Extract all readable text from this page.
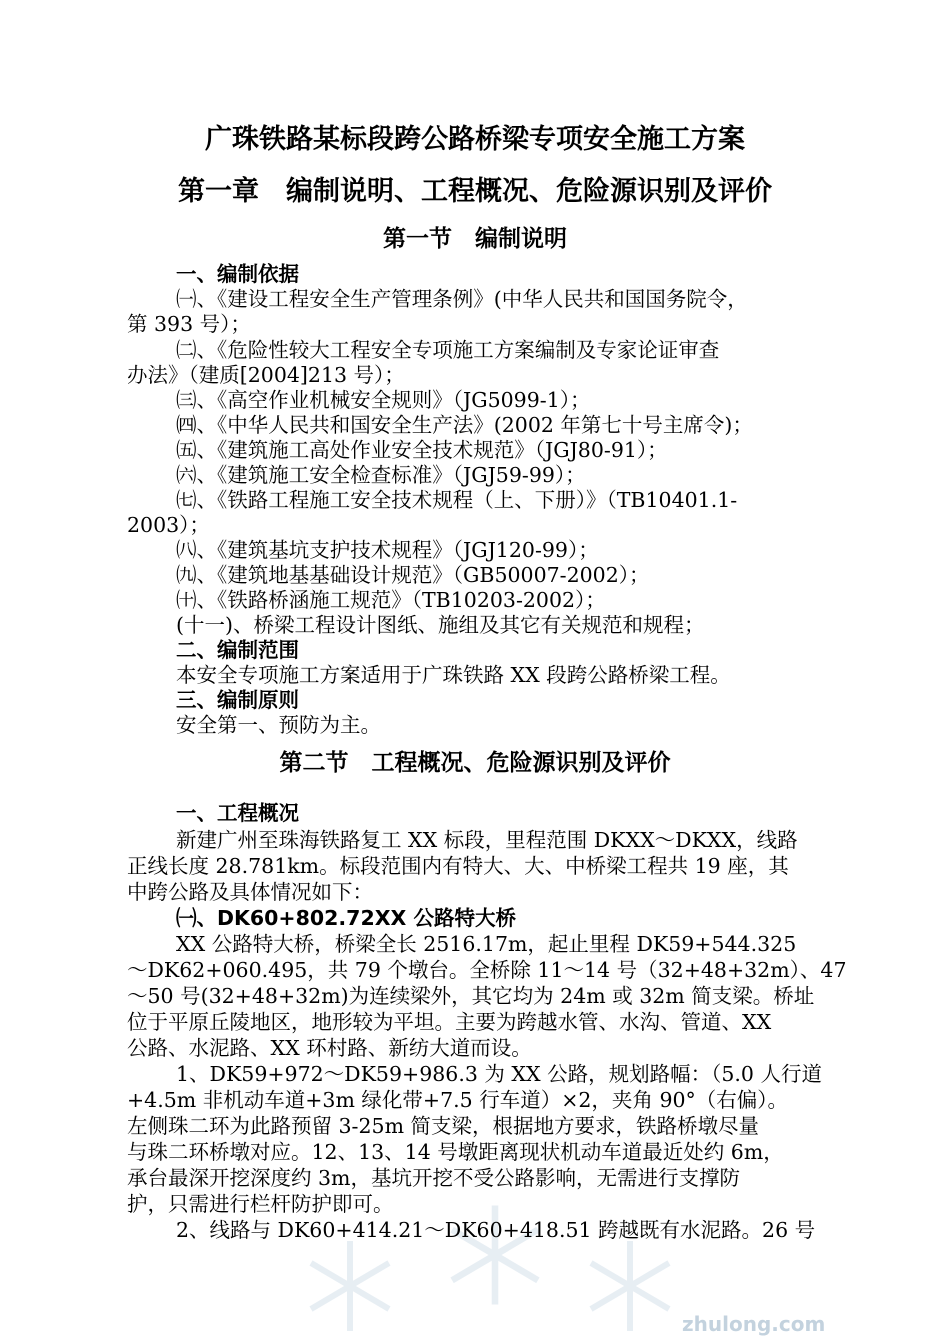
zhulong.com
广珠铁路某标段跨公路桥梁专项安全施工方案
第一章　编制说明、工程概况、危险源识别及评价
第一节　编制说明
一、编制依据
㈠、《建设工程安全生产管理条例》(中华人民共和国国务院令，
第 393 号）；
㈡、《危险性较大工程安全专项施工方案编制及专家论证审查
办法》（建质[2004]213 号）；
㈢、《高空作业机械安全规则》（JG5099-1）；
㈣、《中华人民共和国安全生产法》(2002 年第七十号主席令)；
㈤、《建筑施工高处作业安全技术规范》（JGJ80-91）；
㈥、《建筑施工安全检查标准》（JGJ59-99）；
㈦、《铁路工程施工安全技术规程（上、下册）》（TB10401.1-
2003）；
㈧、《建筑基坑支护技术规程》（JGJ120-99）；
㈨、《建筑地基基础设计规范》（GB50007-2002）；
㈩、《铁路桥涵施工规范》（TB10203-2002）；
(十一)、桥梁工程设计图纸、施组及其它有关规范和规程；
二、编制范围
本安全专项施工方案适用于广珠铁路 XX 段跨公路桥梁工程。
三、编制原则
安全第一、预防为主。
第二节　工程概况、危险源识别及评价
一、工程概况
新建广州至珠海铁路复工 XX 标段，里程范围 DKXX～DKXX，线路
正线长度 28.781km。标段范围内有特大、大、中桥梁工程共 19 座，其
中跨公路及具体情况如下：
㈠、DK60+802.72XX 公路特大桥
XX 公路特大桥，桥梁全长 2516.17m，起止里程 DK59+544.325
～DK62+060.495，共 79 个墩台。全桥除 11～14 号（32+48+32m）、47
～50 号(32+48+32m)为连续梁外，其它均为 24m 或 32m 简支梁。桥址
位于平原丘陵地区，地形较为平坦。主要为跨越水管、水沟、管道、XX
公路、水泥路、XX 环村路、新纺大道而设。
1、DK59+972～DK59+986.3 为 XX 公路，规划路幅：（5.0 人行道
+4.5m 非机动车道+3m 绿化带+7.5 行车道）×2，夹角 90°（右偏）。
左侧珠二环为此路预留 3-25m 简支梁，根据地方要求，铁路桥墩尽量
与珠二环桥墩对应。12、13、14 号墩距离现状机动车道最近处约 6m，
承台最深开挖深度约 3m，基坑开挖不受公路影响，无需进行支撑防
护，只需进行栏杆防护即可。
2、线路与 DK60+414.21～DK60+418.51 跨越既有水泥路。26 号
